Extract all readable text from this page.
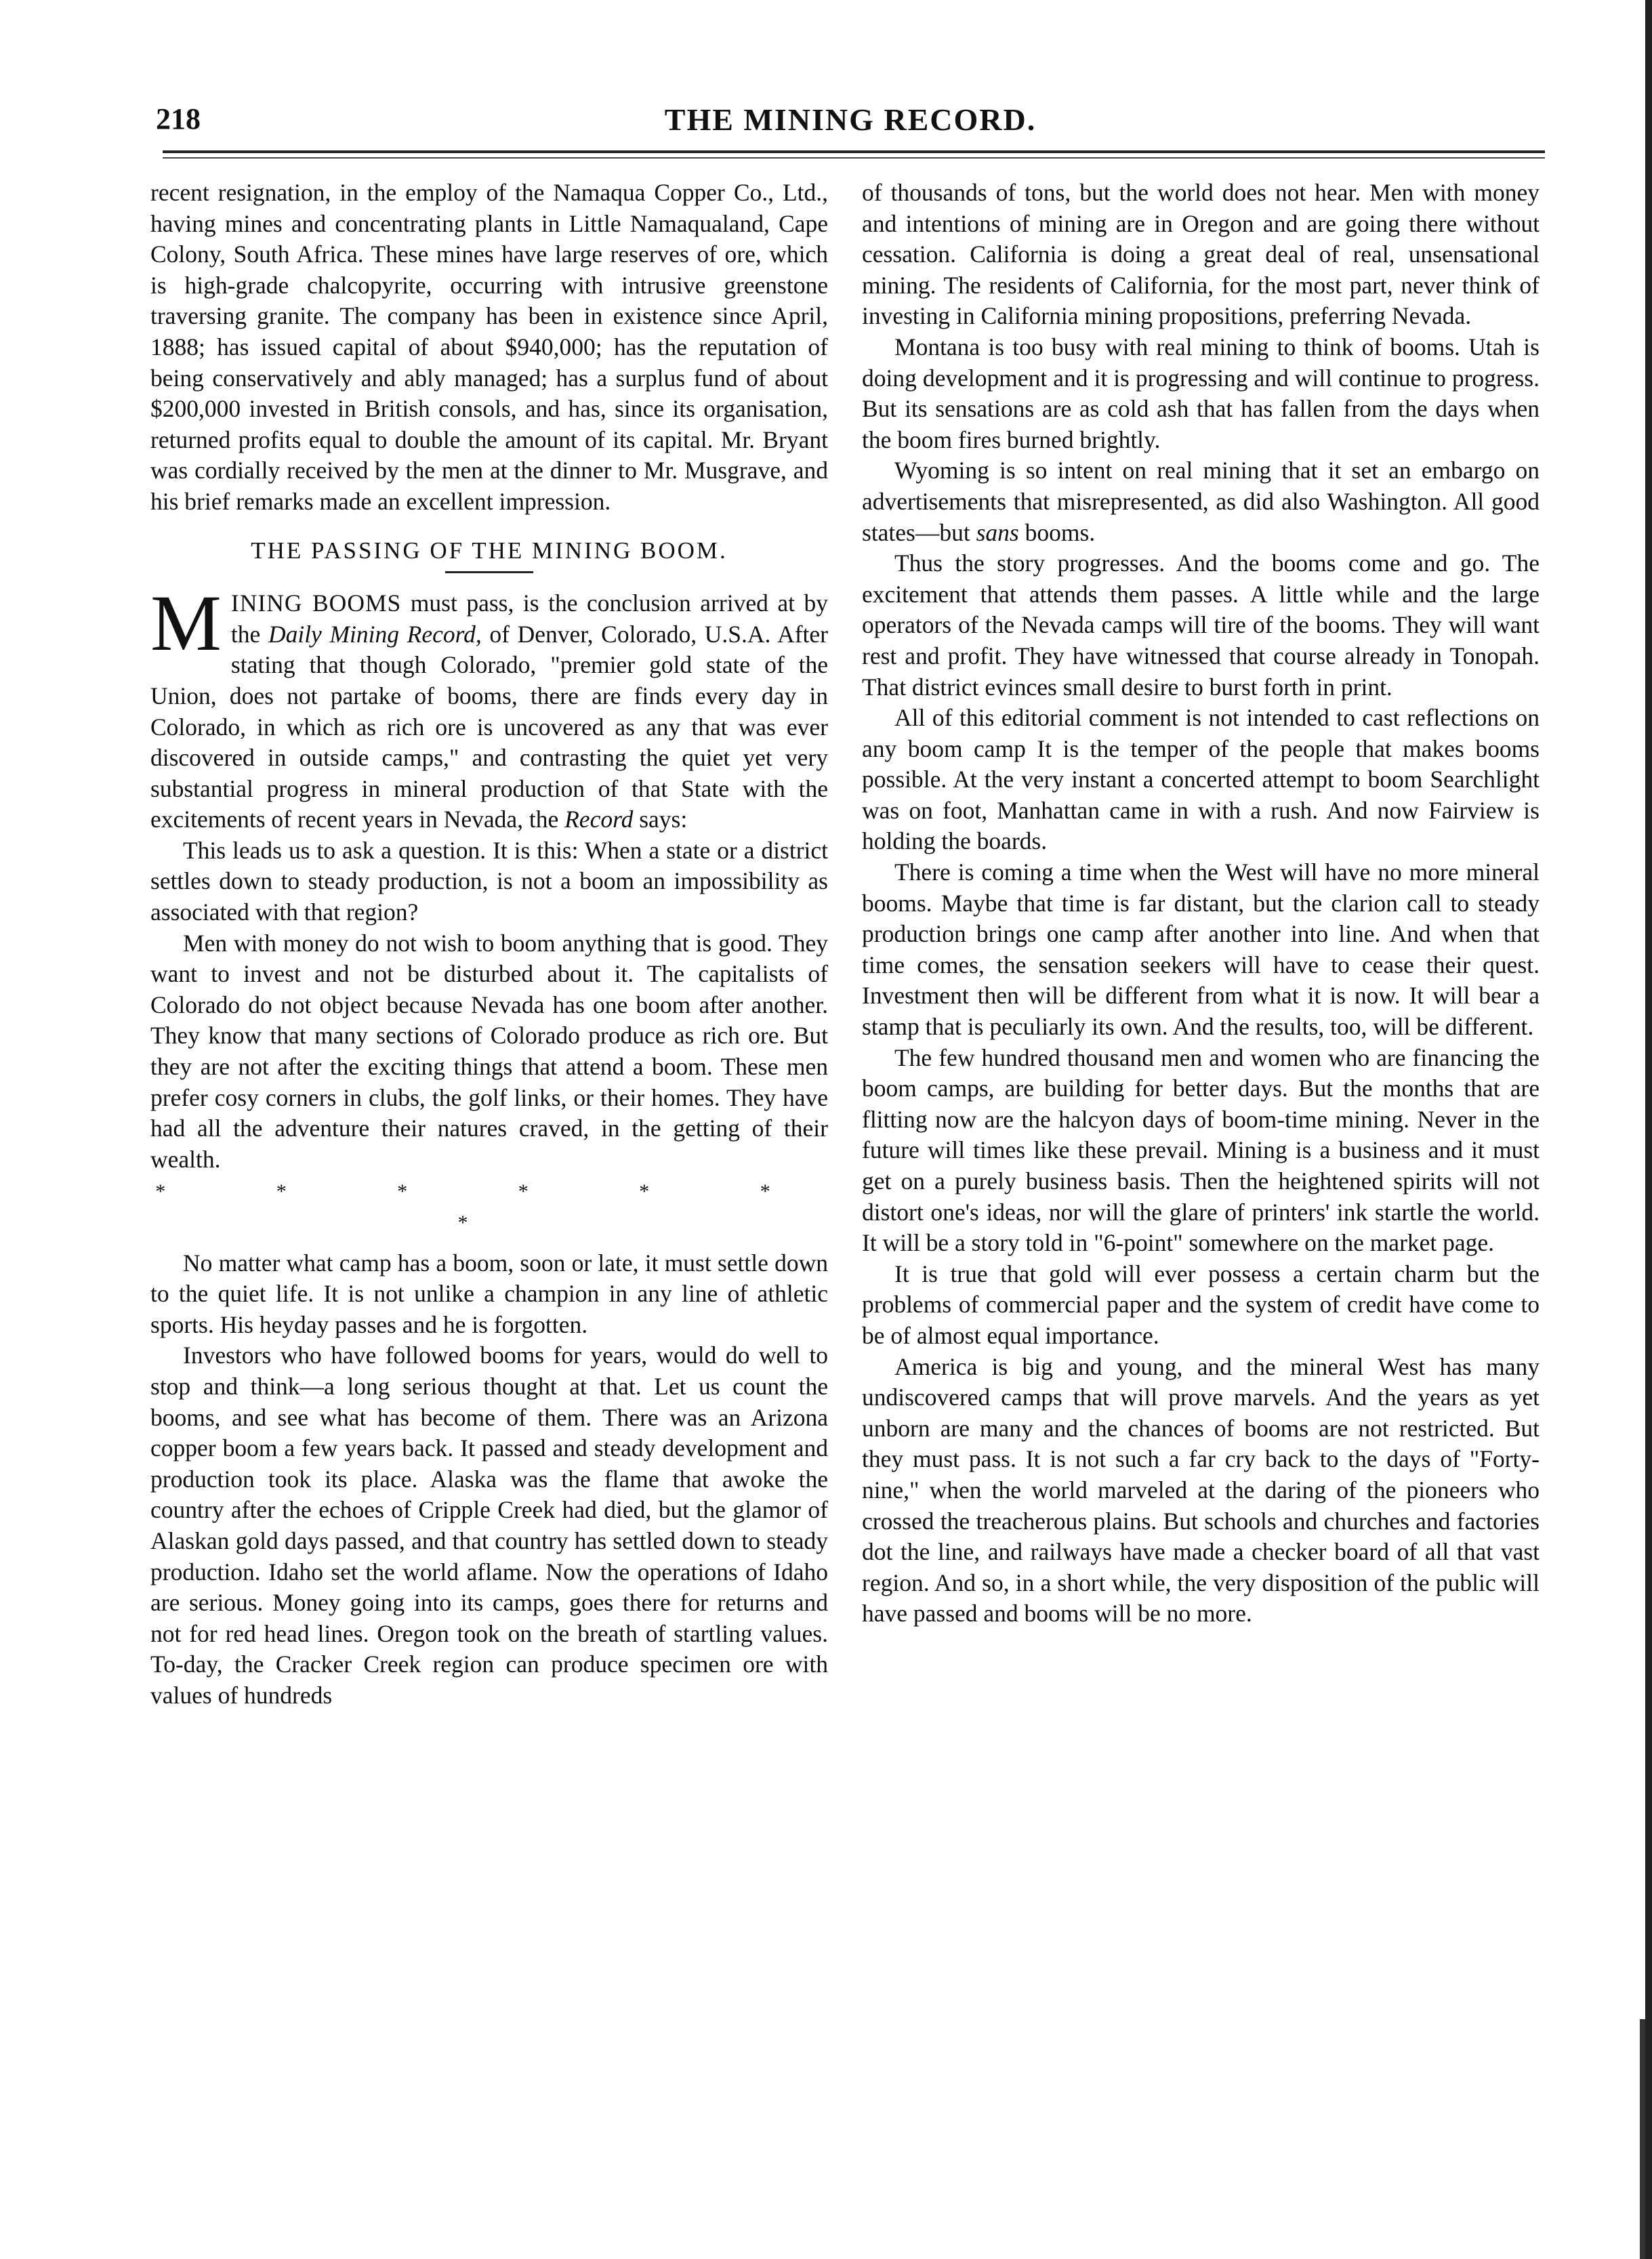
218	THE MINING RECORD.

recent resignation, in the employ of the Namaqua Copper Co., Ltd., having mines and concentrating plants in Little Namaqualand, Cape Colony, South Africa. These mines have large reserves of ore, which is high-grade chalcopyrite, occurring with intrusive greenstone traversing granite. The company has been in existence since April, 1888; has issued capital of about $940,000; has the reputation of being conservatively and ably managed; has a surplus fund of about $200,000 invested in British consols, and has, since its organisation, returned profits equal to double the amount of its capital. Mr. Bryant was cordially received by the men at the dinner to Mr. Musgrave, and his brief remarks made an excellent impression.

THE PASSING OF THE MINING BOOM.

MINING BOOMS must pass, is the conclusion arrived at by the Daily Mining Record, of Denver, Colorado, U.S.A. After stating that though Colorado, "premier gold state of the Union, does not partake of booms, there are finds every day in Colorado, in which as rich ore is uncovered as any that was ever discovered in outside camps," and contrasting the quiet yet very substantial progress in mineral production of that State with the excitements of recent years in Nevada, the Record says:

This leads us to ask a question. It is this: When a state or a district settles down to steady production, is not a boom an impossibility as associated with that region?

Men with money do not wish to boom anything that is good. They want to invest and not be disturbed about it. The capitalists of Colorado do not object because Nevada has one boom after another. They know that many sections of Colorado produce as rich ore. But they are not after the exciting things that attend a boom. These men prefer cosy corners in clubs, the golf links, or their homes. They have had all the adventure their natures craved, in the getting of their wealth.

* * * * * * *

No matter what camp has a boom, soon or late, it must settle down to the quiet life. It is not unlike a champion in any line of athletic sports. His heyday passes and he is forgotten.

Investors who have followed booms for years, would do well to stop and think—a long serious thought at that. Let us count the booms, and see what has become of them. There was an Arizona copper boom a few years back. It passed and steady development and production took its place. Alaska was the flame that awoke the country after the echoes of Cripple Creek had died, but the glamor of Alaskan gold days passed, and that country has settled down to steady production. Idaho set the world aflame. Now the operations of Idaho are serious. Money going into its camps, goes there for returns and not for red head lines. Oregon took on the breath of startling values. To-day, the Cracker Creek region can produce specimen ore with values of hundreds

of thousands of tons, but the world does not hear. Men with money and intentions of mining are in Oregon and are going there without cessation. California is doing a great deal of real, unsensational mining. The residents of California, for the most part, never think of investing in California mining propositions, preferring Nevada.

Montana is too busy with real mining to think of booms. Utah is doing development and it is progressing and will continue to progress. But its sensations are as cold ash that has fallen from the days when the boom fires burned brightly.

Wyoming is so intent on real mining that it set an embargo on advertisements that misrepresented, as did also Washington. All good states—but sans booms.

Thus the story progresses. And the booms come and go. The excitement that attends them passes. A little while and the large operators of the Nevada camps will tire of the booms. They will want rest and profit. They have witnessed that course already in Tonopah. That district evinces small desire to burst forth in print.

All of this editorial comment is not intended to cast reflections on any boom camp It is the temper of the people that makes booms possible. At the very instant a concerted attempt to boom Searchlight was on foot, Manhattan came in with a rush. And now Fairview is holding the boards.

There is coming a time when the West will have no more mineral booms. Maybe that time is far distant, but the clarion call to steady production brings one camp after another into line. And when that time comes, the sensation seekers will have to cease their quest. Investment then will be different from what it is now. It will bear a stamp that is peculiarly its own. And the results, too, will be different.

The few hundred thousand men and women who are financing the boom camps, are building for better days. But the months that are flitting now are the halcyon days of boom-time mining. Never in the future will times like these prevail. Mining is a business and it must get on a purely business basis. Then the heightened spirits will not distort one's ideas, nor will the glare of printers' ink startle the world. It will be a story told in "6-point" somewhere on the market page.

It is true that gold will ever possess a certain charm but the problems of commercial paper and the system of credit have come to be of almost equal importance.

America is big and young, and the mineral West has many undiscovered camps that will prove marvels. And the years as yet unborn are many and the chances of booms are not restricted. But they must pass. It is not such a far cry back to the days of "Forty-nine," when the world marveled at the daring of the pioneers who crossed the treacherous plains. But schools and churches and factories dot the line, and railways have made a checker board of all that vast region. And so, in a short while, the very disposition of the public will have passed and booms will be no more.
